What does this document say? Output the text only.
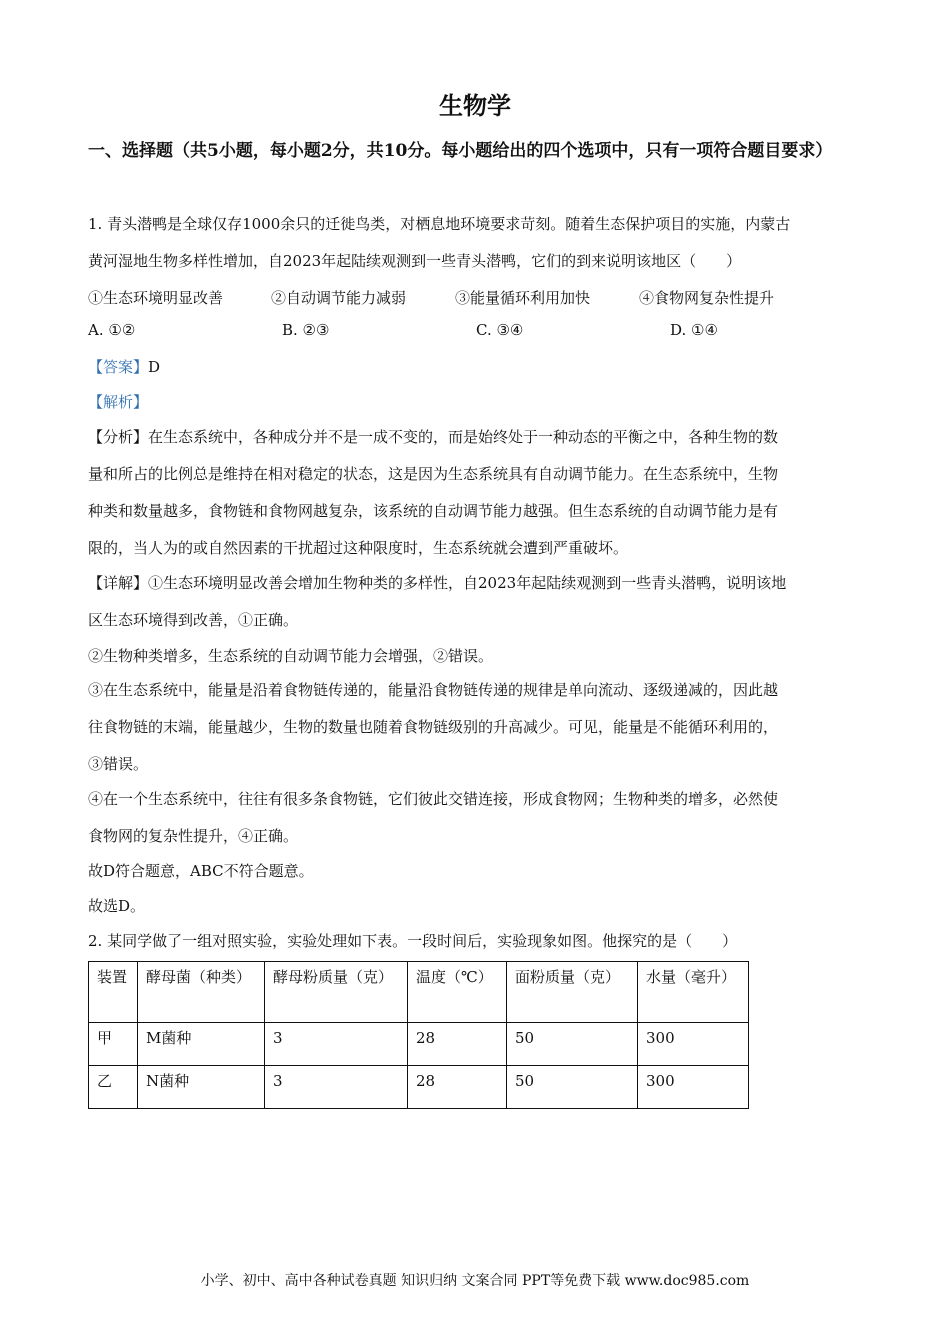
生物学
一、选择题（共5小题，每小题2分，共10分。每小题给出的四个选项中，只有一项符合题目要求）
1. 青头潜鸭是全球仅存1000余只的迁徙鸟类，对栖息地环境要求苛刻。随着生态保护项目的实施，内蒙古
黄河湿地生物多样性增加，自2023年起陆续观测到一些青头潜鸭，它们的到来说明该地区（　　）
①生态环境明显改善	②自动调节能力减弱	③能量循环利用加快	④食物网复杂性提升
A. ①②	B. ②③	C. ③④	D. ①④
【答案】D
【解析】
【分析】在生态系统中，各种成分并不是一成不变的，而是始终处于一种动态的平衡之中，各种生物的数
量和所占的比例总是维持在相对稳定的状态，这是因为生态系统具有自动调节能力。在生态系统中，生物
种类和数量越多，食物链和食物网越复杂，该系统的自动调节能力越强。但生态系统的自动调节能力是有
限的，当人为的或自然因素的干扰超过这种限度时，生态系统就会遭到严重破坏。
【详解】①生态环境明显改善会增加生物种类的多样性，自2023年起陆续观测到一些青头潜鸭，说明该地
区生态环境得到改善，①正确。
②生物种类增多，生态系统的自动调节能力会增强，②错误。
③在生态系统中，能量是沿着食物链传递的，能量沿食物链传递的规律是单向流动、逐级递减的，因此越
往食物链的末端，能量越少，生物的数量也随着食物链级别的升高减少。可见，能量是不能循环利用的，
③错误。
④在一个生态系统中，往往有很多条食物链，它们彼此交错连接，形成食物网；生物种类的增多，必然使
食物网的复杂性提升，④正确。
故D符合题意，ABC不符合题意。
故选D。
2. 某同学做了一组对照实验，实验处理如下表。一段时间后，实验现象如图。他探究的是（　　）
装置	酵母菌（种类）	酵母粉质量（克）	温度（℃）	面粉质量（克）	水量（毫升）
甲	M菌种	3	28	50	300
乙	N菌种	3	28	50	300
小学、初中、高中各种试卷真题 知识归纳 文案合同 PPT等免费下载 www.doc985.com
